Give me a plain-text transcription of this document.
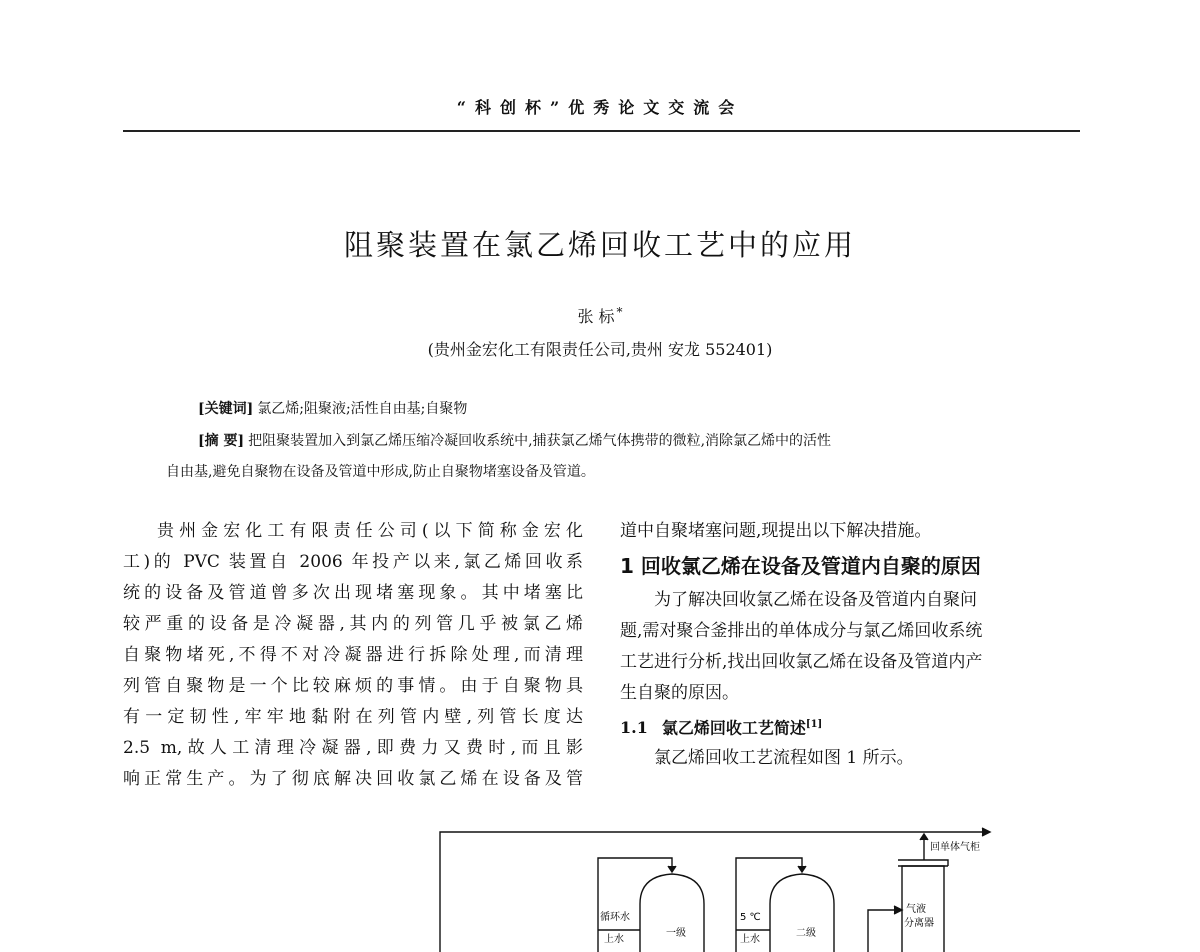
“科创杯”优秀论文交流会
阻聚装置在氯乙烯回收工艺中的应用
张 标 *
(贵州金宏化工有限责任公司,贵州 安龙 552401)
[关键词] 氯乙烯;阻聚液;活性自由基;自聚物
[摘 要] 把阻聚装置加入到氯乙烯压缩冷凝回收系统中,捕获氯乙烯气体携带的微粒,消除氯乙烯中的活性
自由基,避免自聚物在设备及管道中形成,防止自聚物堵塞设备及管道。
贵州金宏化工有限责任公司(以下简称金宏化
工)的 PVC 装置自 2006 年投产以来,氯乙烯回收系
统的设备及管道曾多次出现堵塞现象。其中堵塞比
较严重的设备是冷凝器,其内的列管几乎被氯乙烯
自聚物堵死,不得不对冷凝器进行拆除处理,而清理
列管自聚物是一个比较麻烦的事情。由于自聚物具
有一定韧性,牢牢地黏附在列管内壁,列管长度达
2.5 m,故人工清理冷凝器,即费力又费时,而且影
响正常生产。为了彻底解决回收氯乙烯在设备及管
道中自聚堵塞问题,现提出以下解决措施。
1 回收氯乙烯在设备及管道内自聚的原因
为了解决回收氯乙烯在设备及管道内自聚问
题,需对聚合釜排出的单体成分与氯乙烯回收系统
工艺进行分析,找出回收氯乙烯在设备及管道内产
生自聚的原因。
1.1 氯乙烯回收工艺简述[1]
氯乙烯回收工艺流程如图 1 所示。
回单体气柜
循环水
上水
一级
5 ℃
上水
二级
气液
分离器
